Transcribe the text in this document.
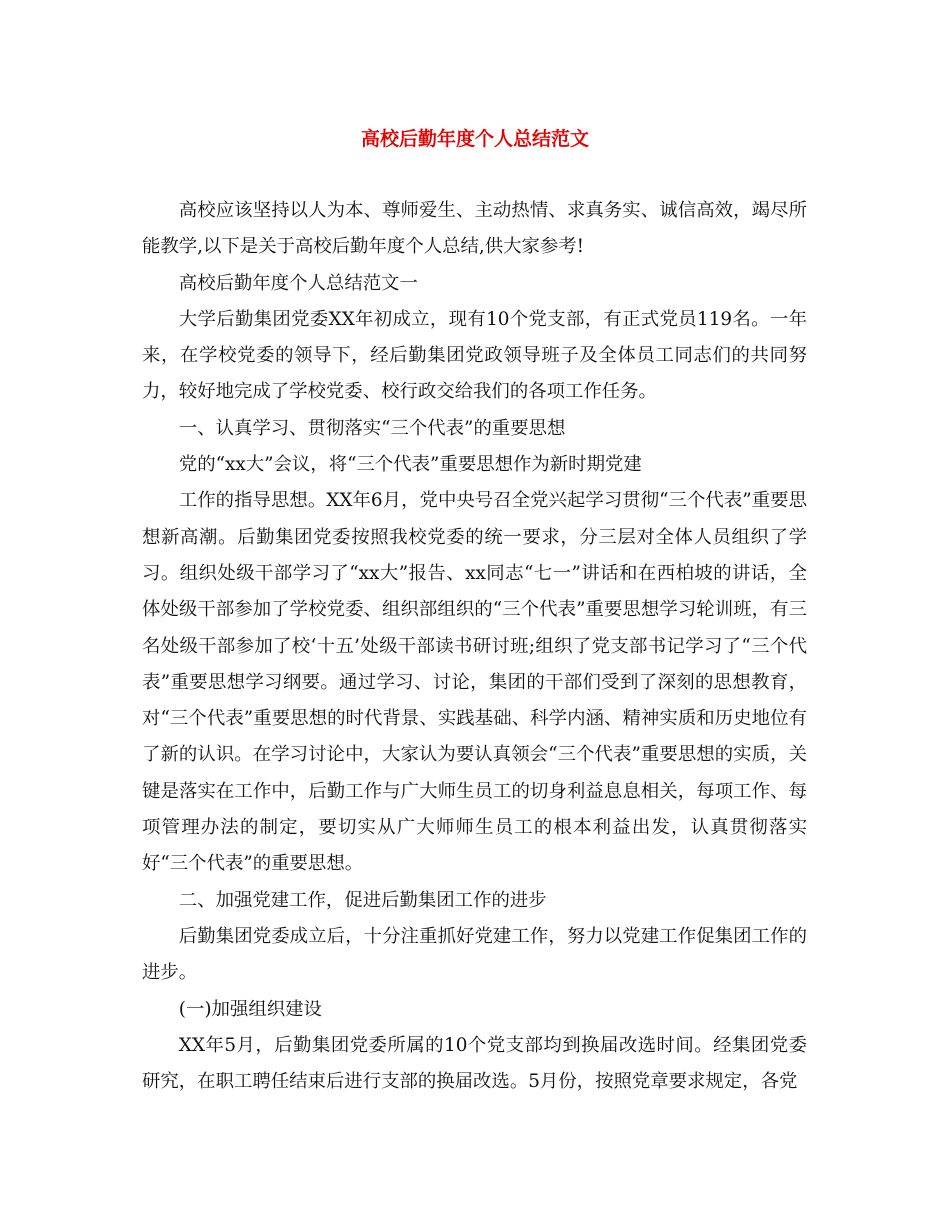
高校后勤年度个人总结范文

高校应该坚持以人为本、尊师爱生、主动热情、求真务实、诚信高效，竭尽所能教学,以下是关于高校后勤年度个人总结,供大家参考!

高校后勤年度个人总结范文一

大学后勤集团党委XX年初成立，现有10个党支部，有正式党员119名。一年来，在学校党委的领导下，经后勤集团党政领导班子及全体员工同志们的共同努力，较好地完成了学校党委、校行政交给我们的各项工作任务。

一、认真学习、贯彻落实“三个代表”的重要思想

党的“xx大”会议，将“三个代表”重要思想作为新时期党建

工作的指导思想。XX年6月，党中央号召全党兴起学习贯彻“三个代表”重要思想新高潮。后勤集团党委按照我校党委的统一要求，分三层对全体人员组织了学习。组织处级干部学习了“xx大”报告、xx同志“七一”讲话和在西柏坡的讲话，全体处级干部参加了学校党委、组织部组织的“三个代表”重要思想学习轮训班，有三名处级干部参加了校‘十五’处级干部读书研讨班;组织了党支部书记学习了“三个代表”重要思想学习纲要。通过学习、讨论，集团的干部们受到了深刻的思想教育，对“三个代表”重要思想的时代背景、实践基础、科学内涵、精神实质和历史地位有了新的认识。在学习讨论中，大家认为要认真领会“三个代表”重要思想的实质，关键是落实在工作中，后勤工作与广大师生员工的切身利益息息相关，每项工作、每项管理办法的制定，要切实从广大师师生员工的根本利益出发，认真贯彻落实好“三个代表”的重要思想。

二、加强党建工作，促进后勤集团工作的进步

后勤集团党委成立后，十分注重抓好党建工作，努力以党建工作促集团工作的进步。

(一)加强组织建设

XX年5月，后勤集团党委所属的10个党支部均到换届改选时间。经集团党委研究，在职工聘任结束后进行支部的换届改选。5月份，按照党章要求规定，各党
